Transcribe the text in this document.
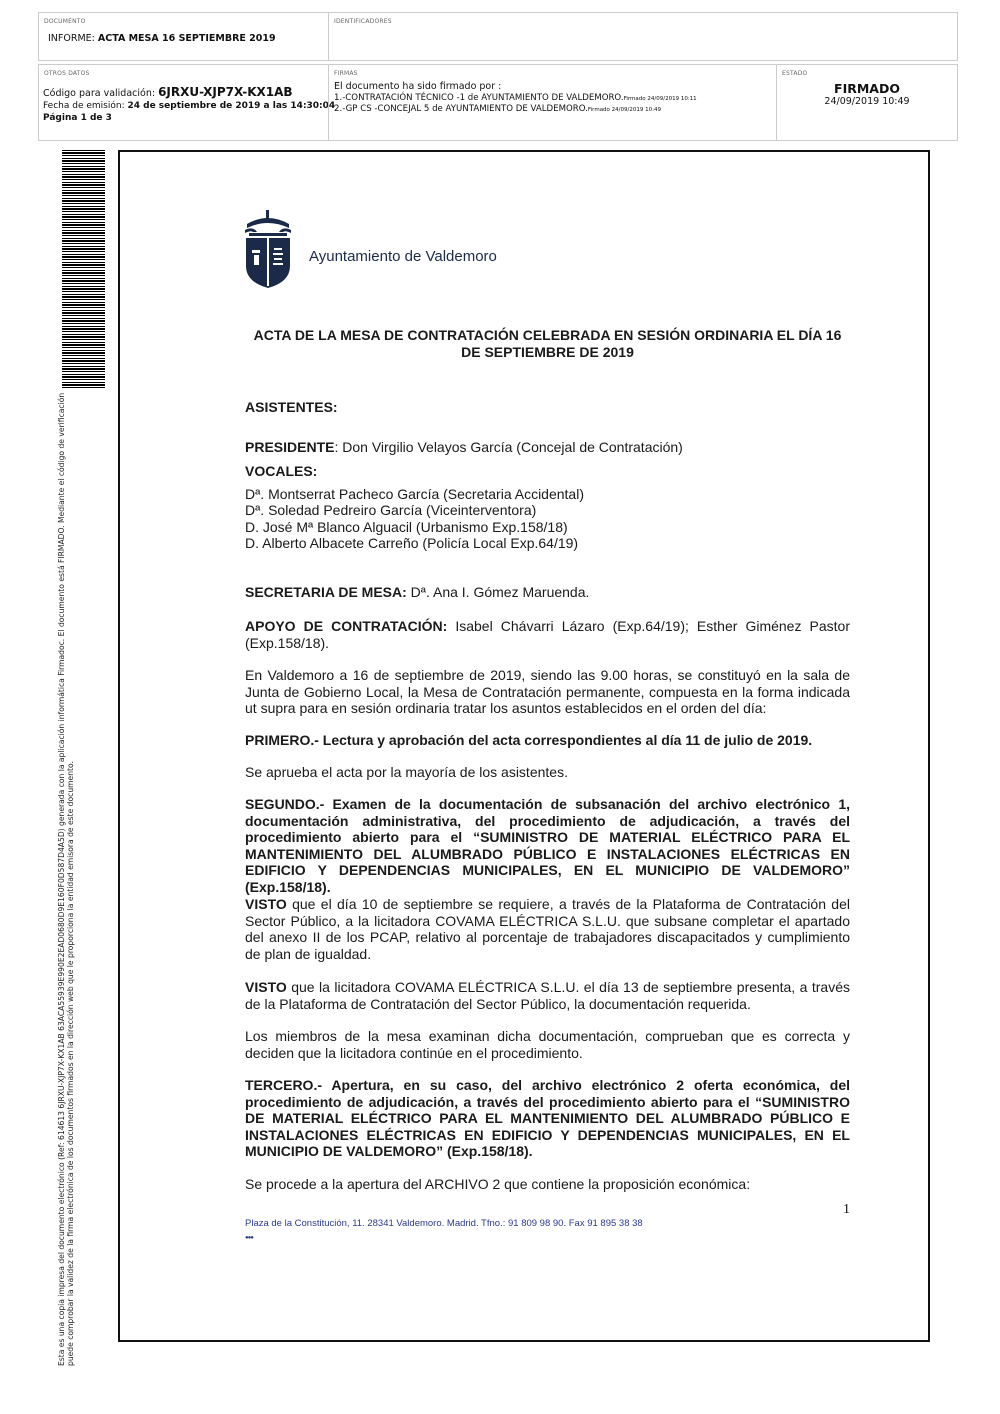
DOCUMENTO
INFORME: ACTA MESA 16 SEPTIEMBRE 2019
IDENTIFICADORES
OTROS DATOS
Código para validación: 6JRXU-XJP7X-KX1AB
Fecha de emisión: 24 de septiembre de 2019 a las 14:30:04
Página 1 de 3
FIRMAS
El documento ha sido firmado por :
1.-CONTRATACIÓN TÉCNICO -1 de AYUNTAMIENTO DE VALDEMORO.Firmado 24/09/2019 10:11
2.-GP CS -CONCEJAL 5 de AYUNTAMIENTO DE VALDEMORO.Firmado 24/09/2019 10:49
ESTADO
FIRMADO
24/09/2019 10:49
Esta es una copia impresa del documento electrónico (Ref: 614613 6JRXU-XJP7X-KX1AB 63ACA55939E990E2EAD0680D9E160F0D587D4A5D) generada con la aplicación informática Firmadoc. El documento está FIRMADO. Mediante el código de verificación puede comprobar la validez de la firma electrónica de los documentos firmados en la dirección web que le proporciona la entidad emisora de este documento.
Ayuntamiento de Valdemoro
ACTA DE LA MESA DE CONTRATACIÓN CELEBRADA EN SESIÓN ORDINARIA EL DÍA 16 DE SEPTIEMBRE DE 2019
ASISTENTES:
PRESIDENTE: Don Virgilio Velayos García (Concejal de Contratación)
VOCALES:
Dª. Montserrat Pacheco García (Secretaria Accidental)
Dª. Soledad Pedreiro García (Viceinterventora)
D. José Mª Blanco Alguacil (Urbanismo Exp.158/18)
D. Alberto Albacete Carreño (Policía Local Exp.64/19)
SECRETARIA DE MESA: Dª. Ana I. Gómez Maruenda.
APOYO DE CONTRATACIÓN: Isabel Chávarri Lázaro (Exp.64/19); Esther Giménez Pastor (Exp.158/18).
En Valdemoro a 16 de septiembre de 2019, siendo las 9.00 horas, se constituyó en la sala de Junta de Gobierno Local, la Mesa de Contratación permanente, compuesta en la forma indicada ut supra para en sesión ordinaria tratar los asuntos establecidos en el orden del día:
PRIMERO.- Lectura y aprobación del acta correspondientes al día 11 de julio de 2019.
Se aprueba el acta por la mayoría de los asistentes.
SEGUNDO.- Examen de la documentación de subsanación del archivo electrónico 1, documentación administrativa, del procedimiento de adjudicación, a través del procedimiento abierto para el “SUMINISTRO DE MATERIAL ELÉCTRICO PARA EL MANTENIMIENTO DEL ALUMBRADO PÚBLICO E INSTALACIONES ELÉCTRICAS EN EDIFICIO Y DEPENDENCIAS MUNICIPALES, EN EL MUNICIPIO DE VALDEMORO” (Exp.158/18).
VISTO que el día 10 de septiembre se requiere, a través de la Plataforma de Contratación del Sector Público, a la licitadora COVAMA ELÉCTRICA S.L.U. que subsane completar el apartado del anexo II de los PCAP, relativo al porcentaje de trabajadores discapacitados y cumplimiento de plan de igualdad.
VISTO que la licitadora COVAMA ELÉCTRICA S.L.U. el día 13 de septiembre presenta, a través de la Plataforma de Contratación del Sector Público, la documentación requerida.
Los miembros de la mesa examinan dicha documentación, comprueban que es correcta y deciden que la licitadora continúe en el procedimiento.
TERCERO.- Apertura, en su caso, del archivo electrónico 2 oferta económica, del procedimiento de adjudicación, a través del procedimiento abierto para el “SUMINISTRO DE MATERIAL ELÉCTRICO PARA EL MANTENIMIENTO DEL ALUMBRADO PÚBLICO E INSTALACIONES ELÉCTRICAS EN EDIFICIO Y DEPENDENCIAS MUNICIPALES, EN EL MUNICIPIO DE VALDEMORO” (Exp.158/18).
Se procede a la apertura del ARCHIVO 2 que contiene la proposición económica:
1
Plaza de la Constitución, 11. 28341 Valdemoro. Madrid. Tfno.: 91 809 98 90. Fax 91 895 38 38
●●●
